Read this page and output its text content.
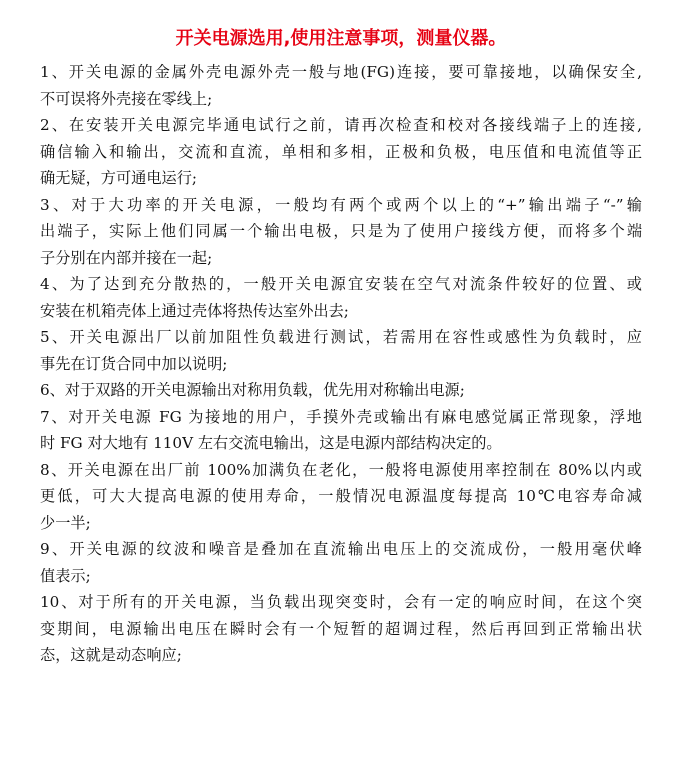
开关电源选用,使用注意事项，测量仪器。
1、开关电源的金属外壳电源外壳一般与地(FG)连接，要可靠接地，以确保安全,
不可误将外壳接在零线上;
2、在安装开关电源完毕通电试行之前，请再次检查和校对各接线端子上的连接,
确信输入和输出，交流和直流，单相和多相，正极和负极，电压值和电流值等正
确无疑，方可通电运行;
3、对于大功率的开关电源，一般均有两个或两个以上的“+”输出端子“-”输
出端子，实际上他们同属一个输出电极，只是为了使用户接线方便，而将多个端
子分别在内部并接在一起;
4、为了达到充分散热的，一般开关电源宜安装在空气对流条件较好的位置、或
安装在机箱壳体上通过壳体将热传达室外出去;
5、开关电源出厂以前加阻性负载进行测试，若需用在容性或感性为负载时，应
事先在订货合同中加以说明;
6、对于双路的开关电源输出对称用负载，优先用对称输出电源;
7、对开关电源 FG 为接地的用户，手摸外壳或输出有麻电感觉属正常现象，浮地
时 FG 对大地有 110V 左右交流电输出，这是电源内部结构决定的。
8、开关电源在出厂前 100%加满负在老化，一般将电源使用率控制在 80%以内或
更低，可大大提高电源的使用寿命，一般情况电源温度每提高 10℃电容寿命减
少一半;
9、开关电源的纹波和噪音是叠加在直流输出电压上的交流成份，一般用毫伏峰
值表示;
10、对于所有的开关电源，当负载出现突变时，会有一定的响应时间，在这个突
变期间，电源输出电压在瞬时会有一个短暂的超调过程，然后再回到正常输出状
态，这就是动态响应;
